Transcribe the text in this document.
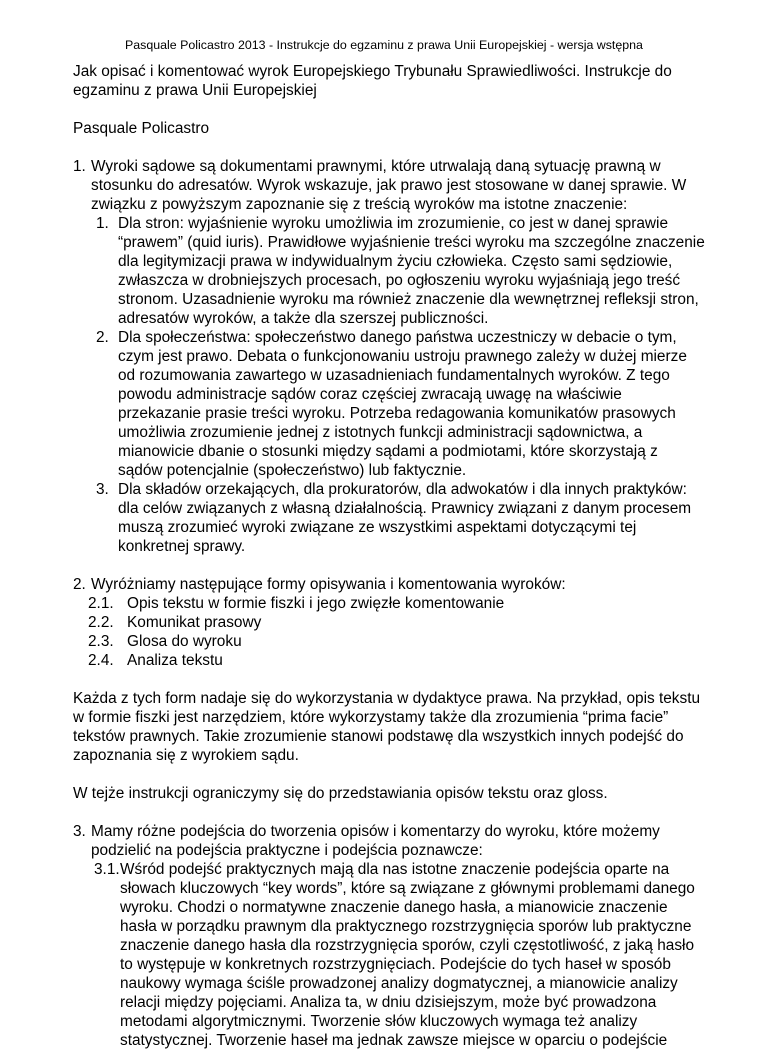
Pasquale Policastro 2013 - Instrukcje do egzaminu z prawa Unii Europejskiej - wersja wstępna

Jak opisać i komentować wyrok Europejskiego Trybunału Sprawiedliwości. Instrukcje do egzaminu z prawa Unii Europejskiej

Pasquale Policastro

1. Wyroki sądowe są dokumentami prawnymi, które utrwalają daną sytuację prawną w stosunku do adresatów. Wyrok wskazuje, jak prawo jest stosowane w danej sprawie. W związku z powyższym zapoznanie się z treścią wyroków ma istotne znaczenie:
1. Dla stron: wyjaśnienie wyroku umożliwia im zrozumienie, co jest w danej sprawie “prawem” (quid iuris). Prawidłowe wyjaśnienie treści wyroku ma szczególne znaczenie dla legitymizacji prawa w indywidualnym życiu człowieka. Często sami sędziowie, zwłaszcza w drobniejszych procesach, po ogłoszeniu wyroku wyjaśniają jego treść stronom. Uzasadnienie wyroku ma również znaczenie dla wewnętrznej refleksji stron, adresatów wyroków, a także dla szerszej publiczności.
2. Dla społeczeństwa: społeczeństwo danego państwa uczestniczy w debacie o tym, czym jest prawo. Debata o funkcjonowaniu ustroju prawnego zależy w dużej mierze od rozumowania zawartego w uzasadnieniach fundamentalnych wyroków. Z tego powodu administracje sądów coraz częściej zwracają uwagę na właściwie przekazanie prasie treści wyroku. Potrzeba redagowania komunikatów prasowych umożliwia zrozumienie jednej z istotnych funkcji administracji sądownictwa, a mianowicie dbanie o stosunki między sądami a podmiotami, które skorzystają z sądów potencjalnie (społeczeństwo) lub faktycznie.
3. Dla składów orzekających, dla prokuratorów, dla adwokatów i dla innych praktyków: dla celów związanych z własną działalnością. Prawnicy związani z danym procesem muszą zrozumieć wyroki związane ze wszystkimi aspektami dotyczącymi tej konkretnej sprawy.
2. Wyróżniamy następujące formy opisywania i komentowania wyroków:
2.1. Opis tekstu w formie fiszki i jego zwięzłe komentowanie
2.2. Komunikat prasowy
2.3. Glosa do wyroku
2.4. Analiza tekstu

Każda z tych form nadaje się do wykorzystania w dydaktyce prawa. Na przykład, opis tekstu w formie fiszki jest narzędziem, które wykorzystamy także dla zrozumienia “prima facie” tekstów prawnych. Takie zrozumienie stanowi podstawę dla wszystkich innych podejść do zapoznania się z wyrokiem sądu.

W tejże instrukcji ograniczymy się do przedstawiania opisów tekstu oraz gloss.

3. Mamy różne podejścia do tworzenia opisów i komentarzy do wyroku, które możemy podzielić na podejścia praktyczne i podejścia poznawcze:
3.1. Wśród podejść praktycznych mają dla nas istotne znaczenie podejścia oparte na słowach kluczowych “key words”, które są związane z głównymi problemami danego wyroku. Chodzi o normatywne znaczenie danego hasła, a mianowicie znaczenie hasła w porządku prawnym dla praktycznego rozstrzygnięcia sporów lub praktyczne znaczenie danego hasła dla rozstrzygnięcia sporów, czyli częstotliwość, z jaką hasło to występuje w konkretnych rozstrzygnięciach. Podejście do tych haseł w sposób naukowy wymaga ściśle prowadzonej analizy dogmatycznej, a mianowicie analizy relacji między pojęciami. Analiza ta, w dniu dzisiejszym, może być prowadzona metodami algorytmicznymi. Tworzenie słów kluczowych wymaga też analizy statystycznej. Tworzenie haseł ma jednak zawsze miejsce w oparciu o podejście
